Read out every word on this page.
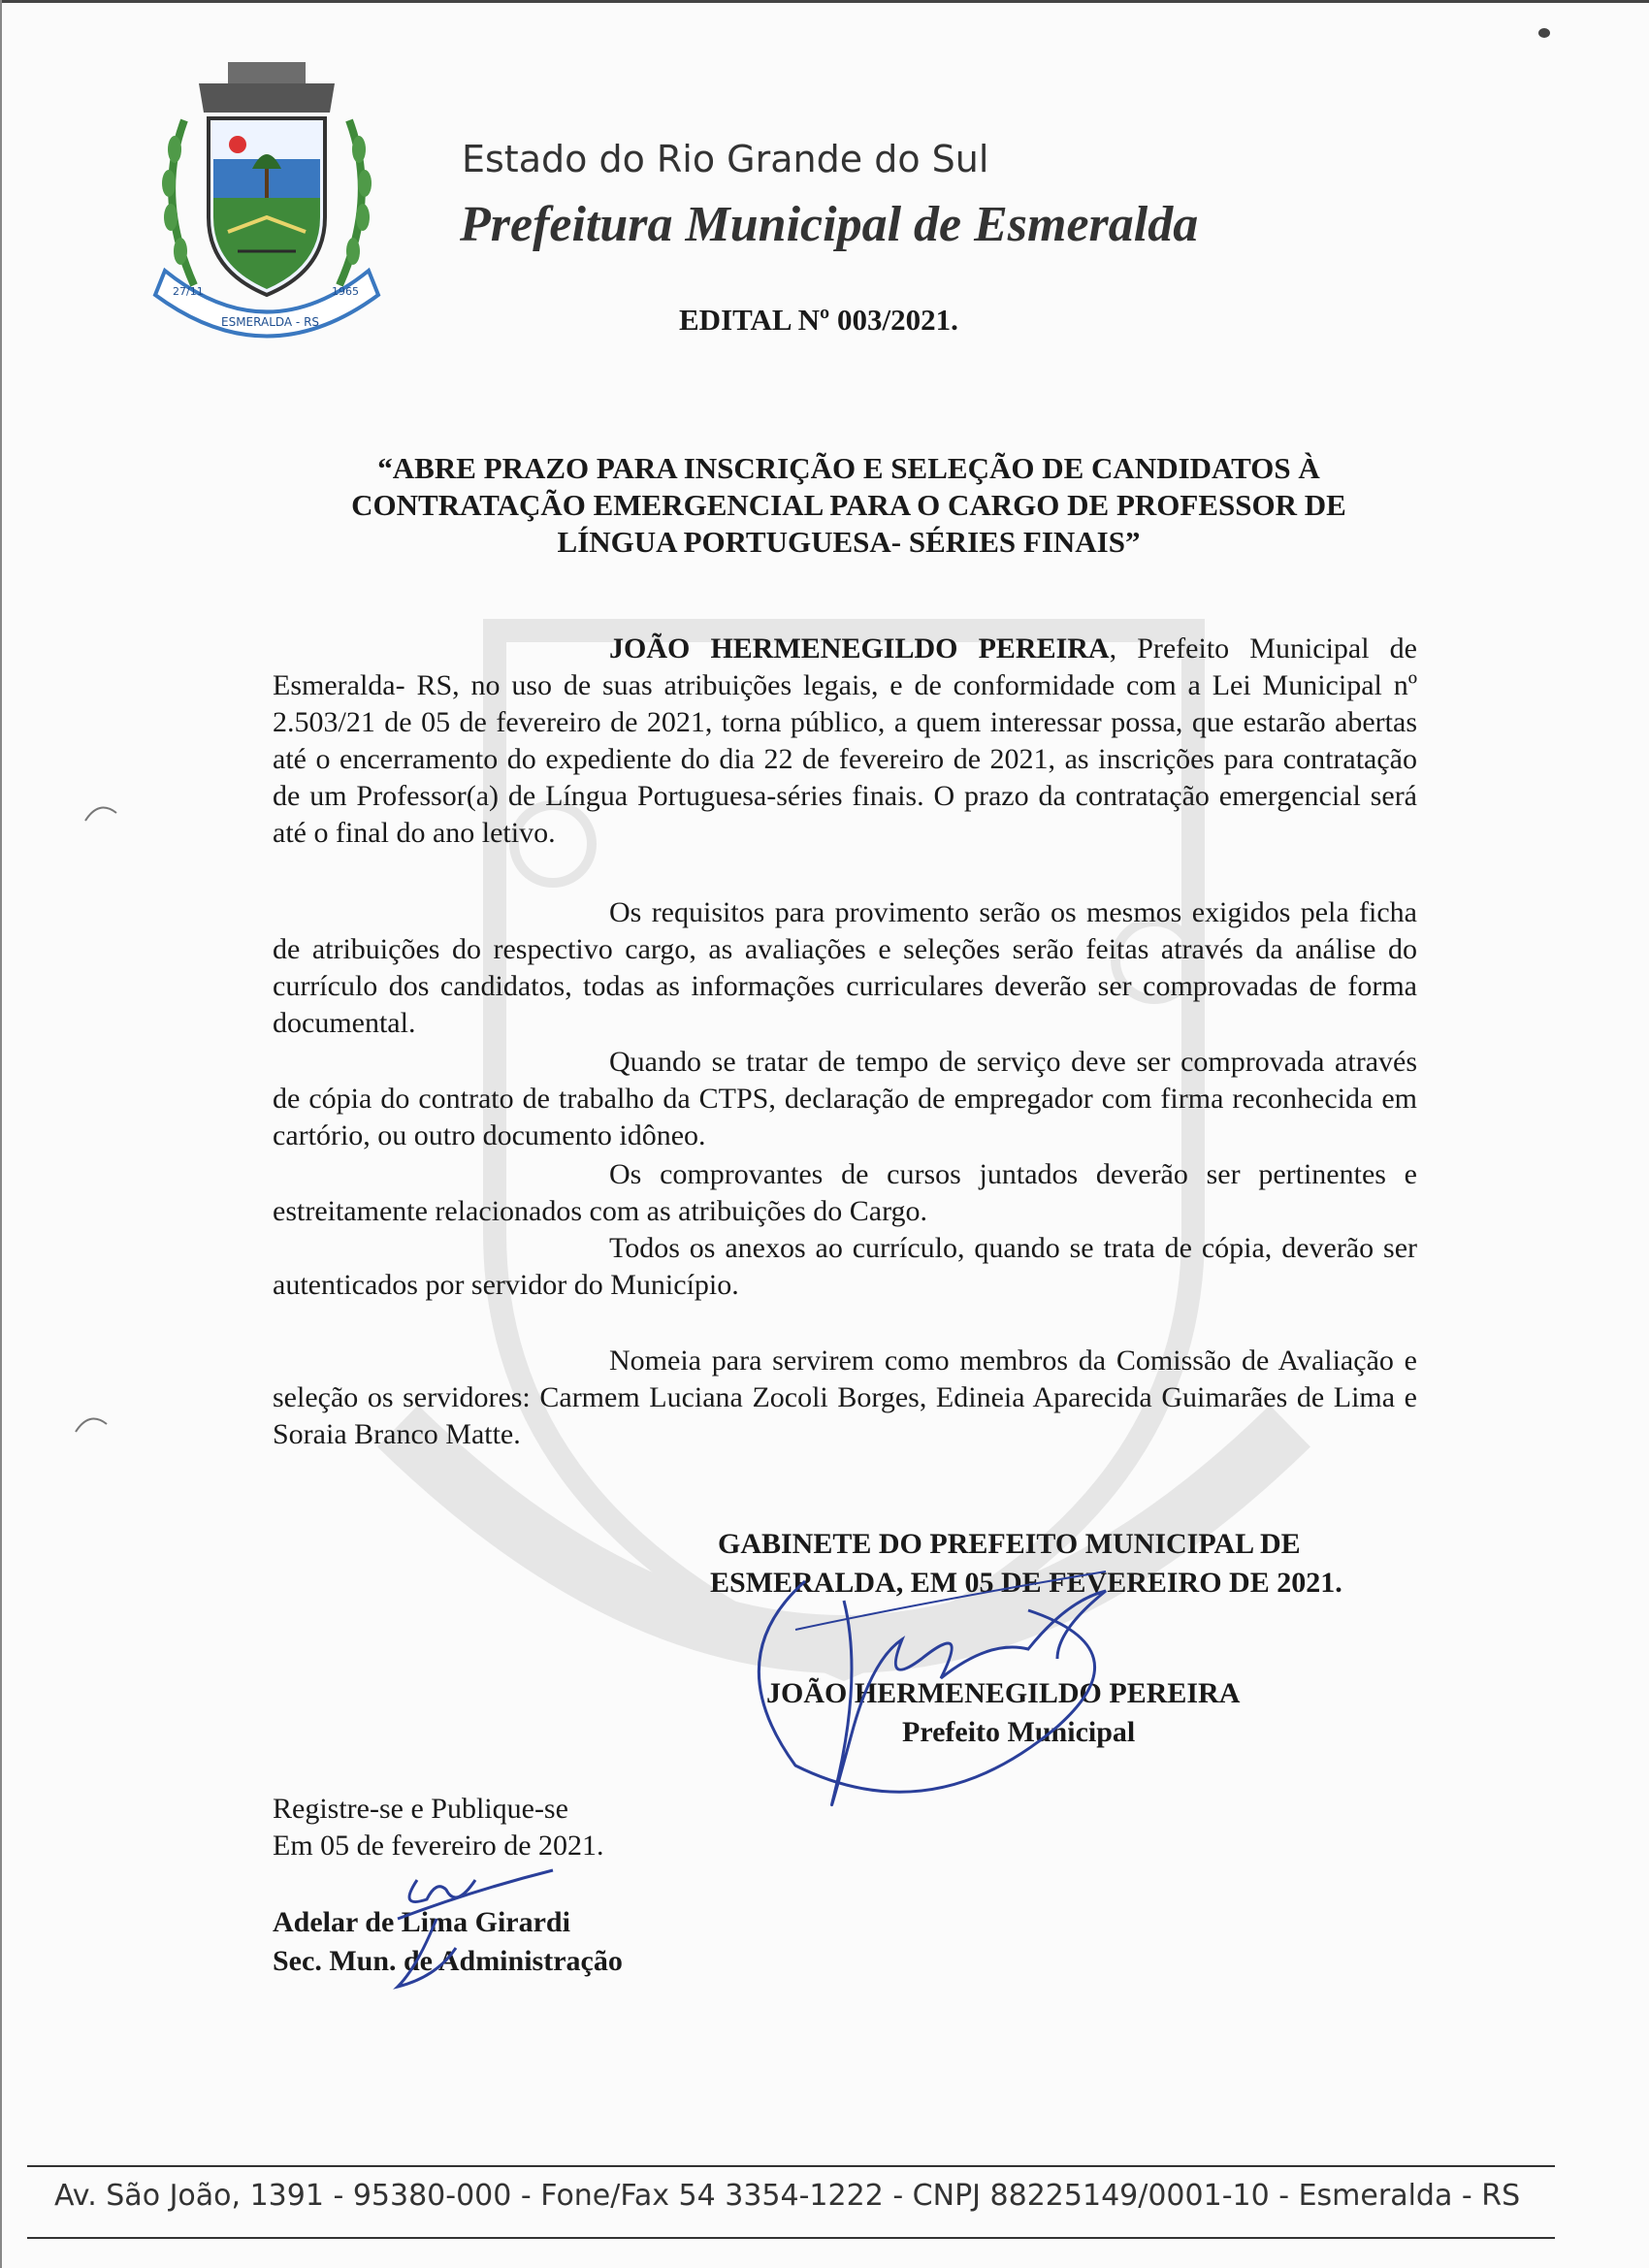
27/11
ESMERALDA - RS
1965
Estado do Rio Grande do Sul
Prefeitura Municipal de Esmeralda
EDITAL Nº 003/2021.
“ABRE PRAZO PARA INSCRIÇÃO E SELEÇÃO DE CANDIDATOS À
CONTRATAÇÃO EMERGENCIAL PARA O CARGO DE PROFESSOR DE
LÍNGUA PORTUGUESA- SÉRIES FINAIS”
JOÃO HERMENEGILDO PEREIRA, Prefeito Municipal de Esmeralda- RS, no uso de suas atribuições legais, e de conformidade com a Lei Municipal nº 2.503/21 de 05 de fevereiro de 2021, torna público, a quem interessar possa, que estarão abertas até o encerramento do expediente do dia 22 de fevereiro de 2021, as inscrições para contratação de um Professor(a) de Língua Portuguesa-séries finais. O prazo da contratação emergencial será até o final do ano letivo.
Os requisitos para provimento serão os mesmos exigidos pela ficha de atribuições do respectivo cargo, as avaliações e seleções serão feitas através da análise do currículo dos candidatos, todas as informações curriculares deverão ser comprovadas de forma documental.
Quando se tratar de tempo de serviço deve ser comprovada através de cópia do contrato de trabalho da CTPS, declaração de empregador com firma reconhecida em cartório, ou outro documento idôneo.
Os comprovantes de cursos juntados deverão ser pertinentes e estreitamente relacionados com as atribuições do Cargo.
Todos os anexos ao currículo, quando se trata de cópia, deverão ser autenticados por servidor do Município.
Nomeia para servirem como membros da Comissão de Avaliação e seleção os servidores: Carmem Luciana Zocoli Borges, Edineia Aparecida Guimarães de Lima e Soraia Branco Matte.
GABINETE DO PREFEITO MUNICIPAL DE
ESMERALDA, EM 05 DE FEVEREIRO DE 2021.
JOÃO HERMENEGILDO PEREIRA
Prefeito Municipal
Registre-se e Publique-se
Em 05 de fevereiro de 2021.
Adelar de Lima Girardi
Sec. Mun. de Administração
Av. São João, 1391 - 95380-000 - Fone/Fax 54 3354-1222 - CNPJ 88225149/0001-10 - Esmeralda - RS
